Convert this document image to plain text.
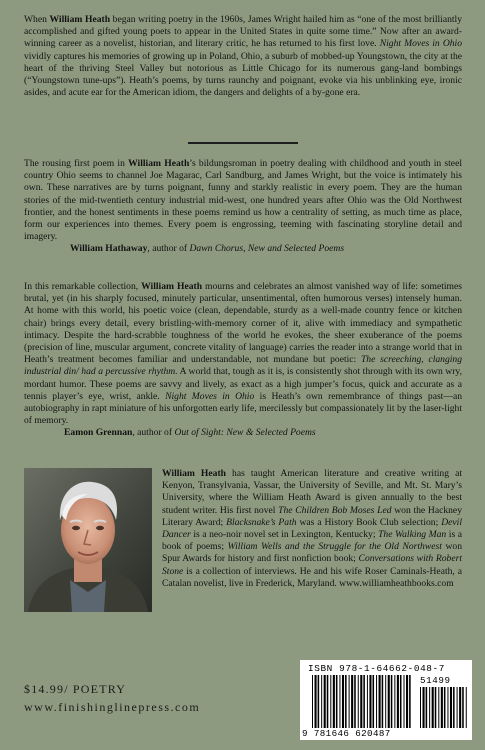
When William Heath began writing poetry in the 1960s, James Wright hailed him as “one of the most brilliantly accomplished and gifted young poets to appear in the United States in quite some time.” Now after an award-winning career as a novelist, historian, and literary critic, he has returned to his first love. Night Moves in Ohio vividly captures his memories of growing up in Poland, Ohio, a suburb of mobbed-up Youngstown, the city at the heart of the thriving Steel Valley but notorious as Little Chicago for its numerous gang-land bombings (“Youngstown tune-ups”). Heath’s poems, by turns raunchy and poignant, evoke via his unblinking eye, ironic asides, and acute ear for the American idiom, the dangers and delights of a by-gone era.

The rousing first poem in William Heath’s bildungsroman in poetry dealing with childhood and youth in steel country Ohio seems to channel Joe Magarac, Carl Sandburg, and James Wright, but the voice is intimately his own. These narratives are by turns poignant, funny and starkly realistic in every poem. They are the human stories of the mid-twentieth century industrial mid-west, one hundred years after Ohio was the Old Northwest frontier, and the honest sentiments in these poems remind us how a centrality of setting, as much time as place, form our experiences into themes. Every poem is engrossing, teeming with fascinating storyline detail and imagery.
William Hathaway, author of Dawn Chorus, New and Selected Poems
In this remarkable collection, William Heath mourns and celebrates an almost vanished way of life: sometimes brutal, yet (in his sharply focused, minutely particular, unsentimental, often humorous verses) intensely human. At home with this world, his poetic voice (clean, dependable, sturdy as a well-made country fence or kitchen chair) brings every detail, every bristling-with-memory corner of it, alive with immediacy and sympathetic intimacy. Despite the hard-scrabble toughness of the world he evokes, the sheer exuberance of the poems (precision of line, muscular argument, concrete vitality of language) carries the reader into a strange world that in Heath’s treatment becomes familiar and understandable, not mundane but poetic: The screeching, clanging industrial din/ had a percussive rhythm. A world that, tough as it is, is consistently shot through with its own wry, mordant humor. These poems are savvy and lively, as exact as a high jumper’s focus, quick and accurate as a tennis player’s eye, wrist, ankle. Night Moves in Ohio is Heath’s own remembrance of things past—an autobiography in rapt miniature of his unforgotten early life, mercilessly but compassionately lit by the laser-light of memory.
Eamon Grennan, author of Out of Sight: New & Selected Poems

William Heath has taught American literature and creative writing at Kenyon, Transylvania, Vassar, the University of Seville, and Mt. St. Mary’s University, where the William Heath Award is given annually to the best student writer. His first novel The Children Bob Moses Led won the Hackney Literary Award; Blacksnake’s Path was a History Book Club selection; Devil Dancer is a neo-noir novel set in Lexington, Kentucky; The Walking Man is a book of poems; William Wells and the Struggle for the Old Northwest won Spur Awards for history and first nonfiction book; Conversations with Robert Stone is a collection of interviews. He and his wife Roser Caminals-Heath, a Catalan novelist, live in Frederick, Maryland. www.williamheathbooks.com

$14.99/ POETRY
www.finishinglinepress.com
ISBN 978-1-64662-048-7
51499
9 781646 620487
